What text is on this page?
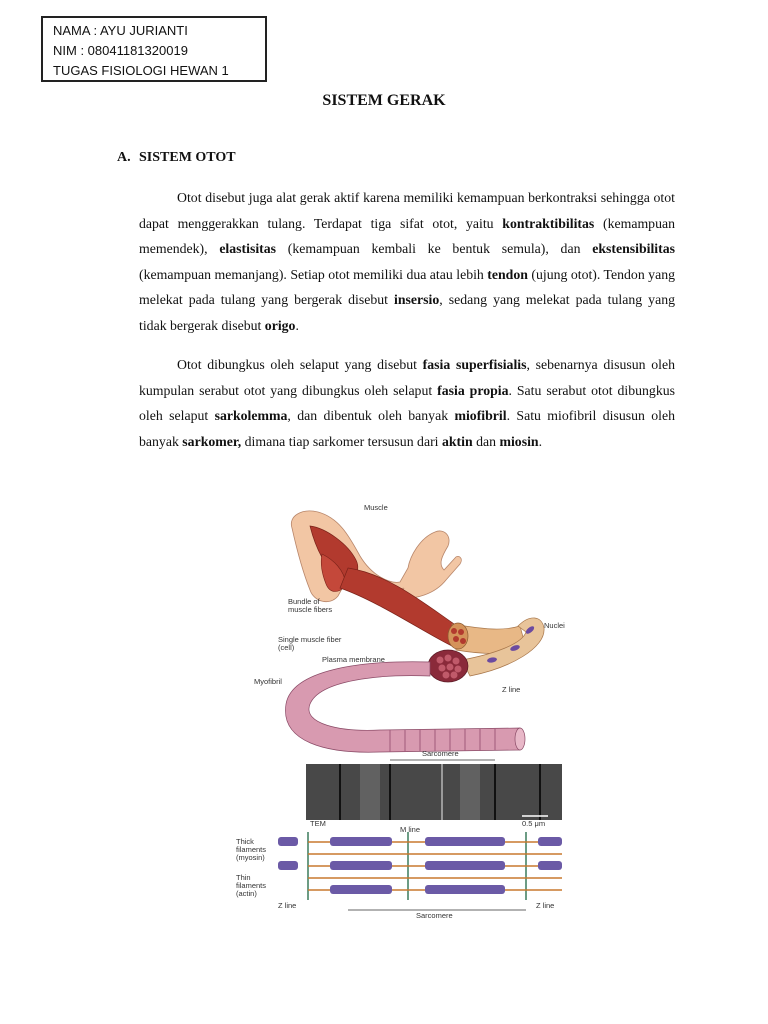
NAMA : AYU JURIANTI
NIM : 08041181320019
TUGAS FISIOLOGI HEWAN 1
SISTEM GERAK
A. SISTEM OTOT

Otot disebut juga alat gerak aktif karena memiliki kemampuan berkontraksi sehingga otot dapat menggerakkan tulang. Terdapat tiga sifat otot, yaitu kontraktibilitas (kemampuan memendek), elastisitas (kemampuan kembali ke bentuk semula), dan ekstensibilitas (kemampuan memanjang). Setiap otot memiliki dua atau lebih tendon (ujung otot). Tendon yang melekat pada tulang yang bergerak disebut insersio, sedang yang melekat pada tulang yang tidak bergerak disebut origo.

Otot dibungkus oleh selaput yang disebut fasia superfisialis, sebenarnya disusun oleh kumpulan serabut otot yang dibungkus oleh selaput fasia propia. Satu serabut otot dibungkus oleh selaput sarkolemma, dan dibentuk oleh banyak miofibril. Satu miofibril disusun oleh banyak sarkomer, dimana tiap sarkomer tersusun dari aktin dan miosin.

Muscle
Bundle of
muscle fibers
Nuclei
Single muscle fiber
(cell)
Plasma membrane
Myofibril
Z line
Sarcomere
TEM	0.5 μm
M line
Thick
filaments
(myosin)
Thin
filaments
(actin)
Z line	Z line
Sarcomere
